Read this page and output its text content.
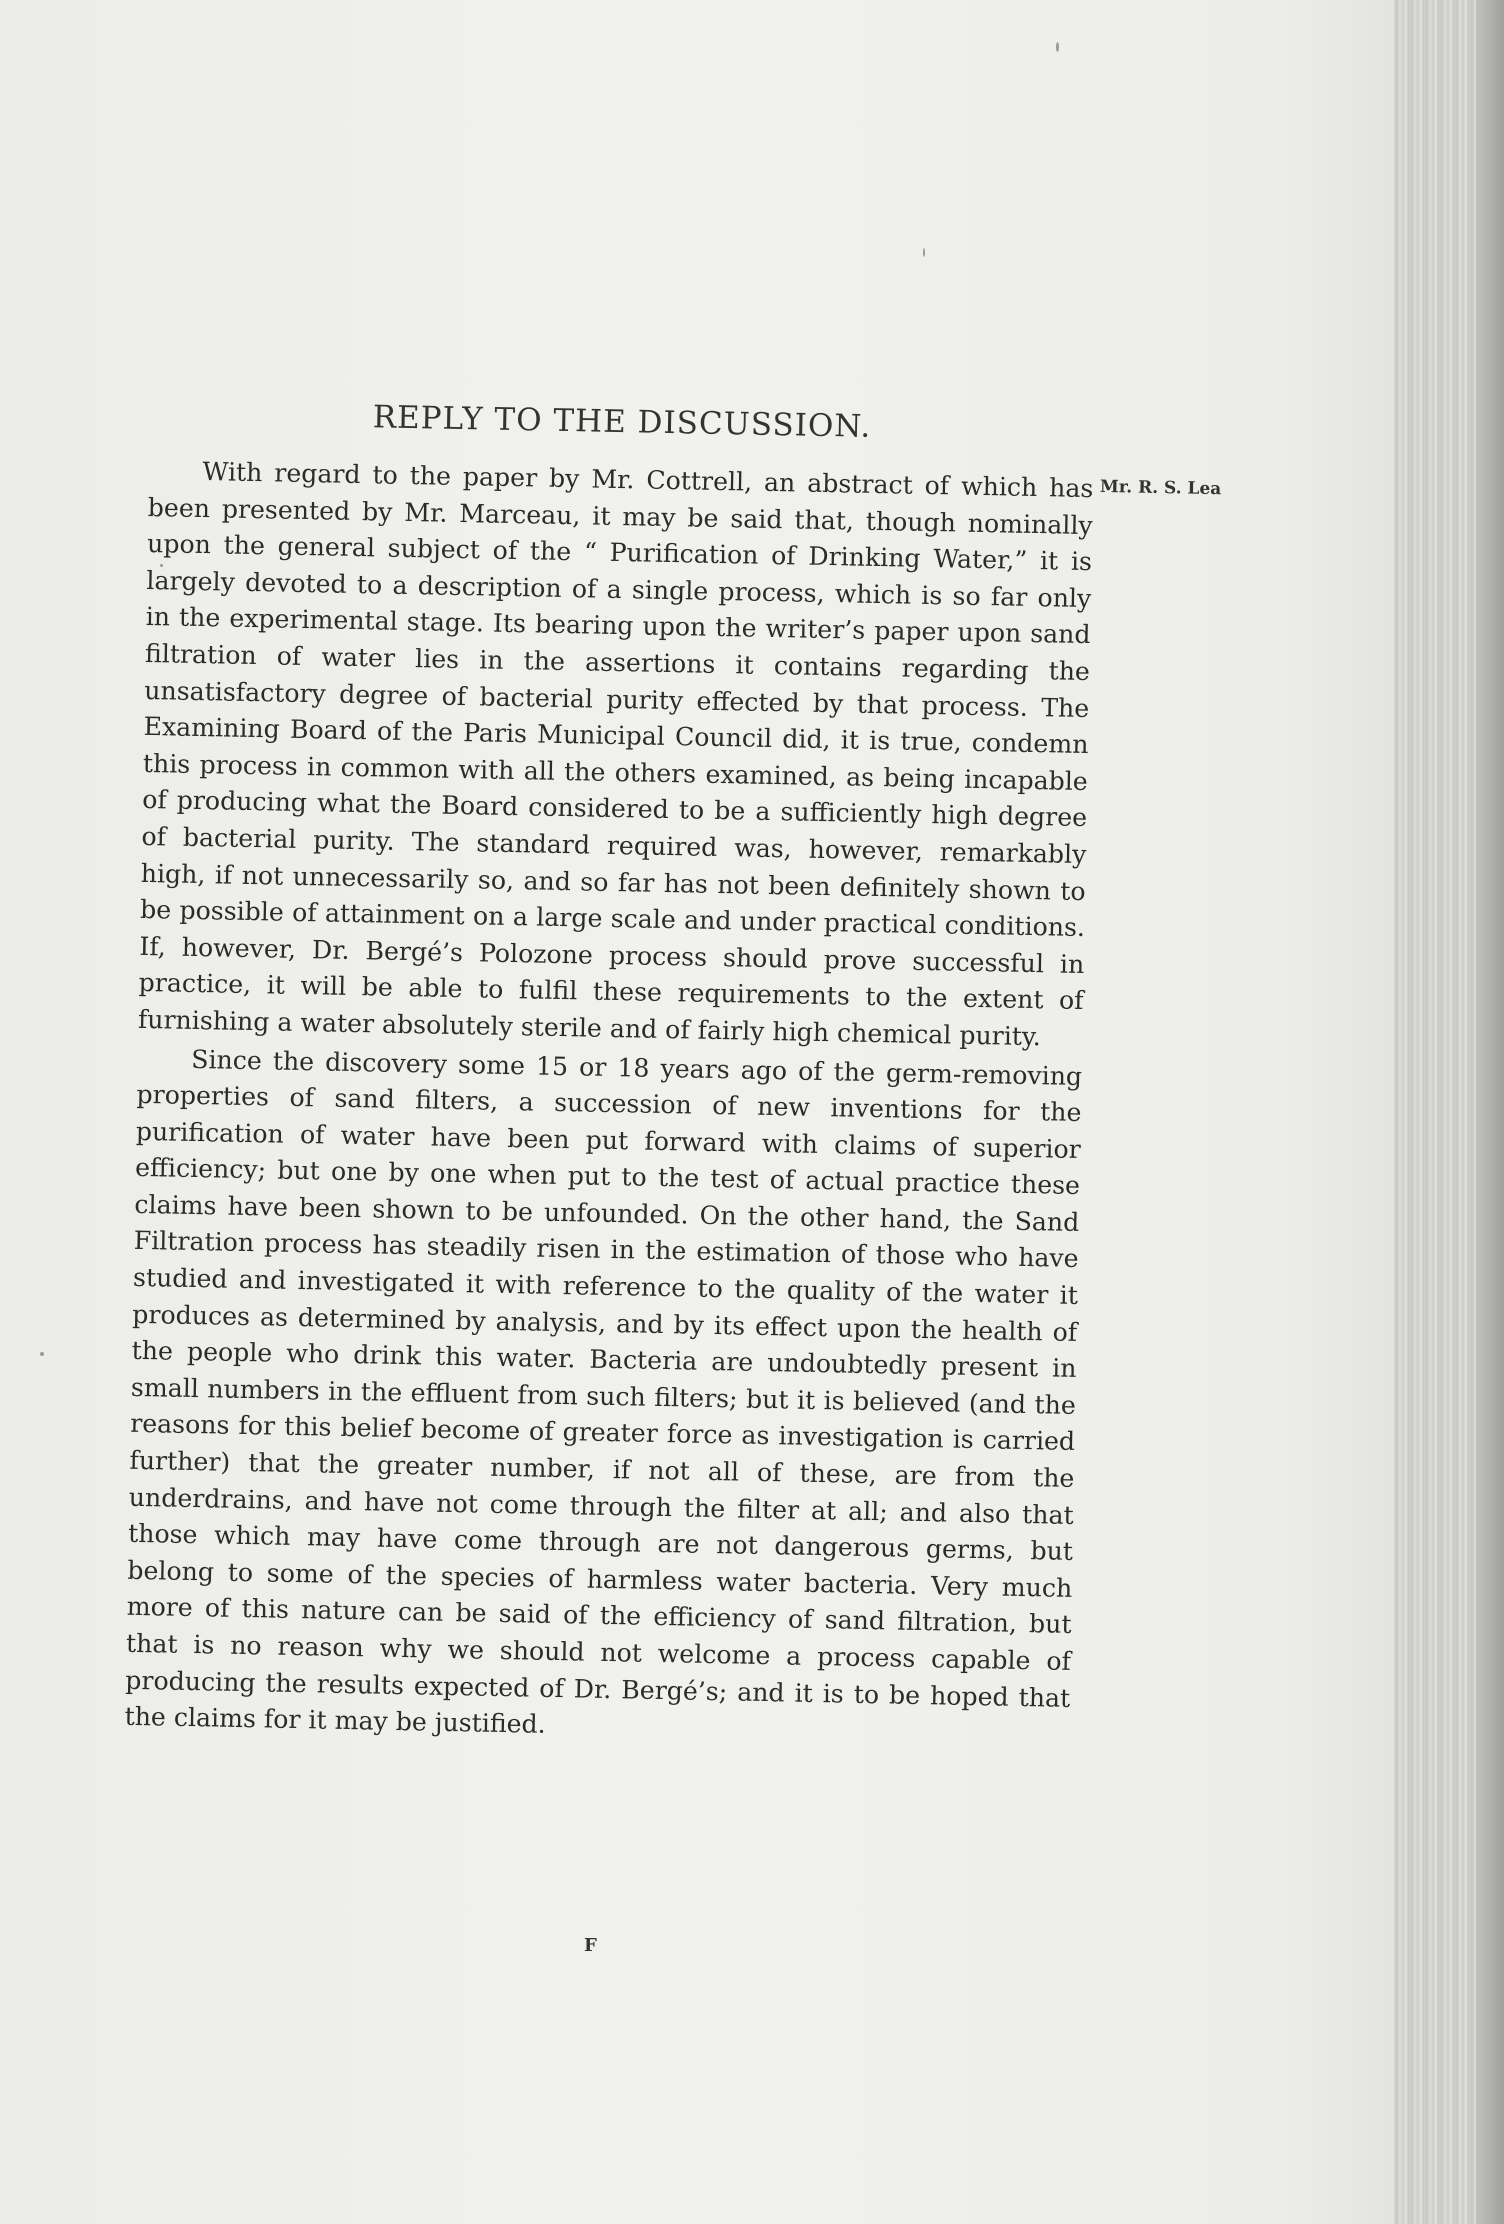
REPLY TO THE DISCUSSION.

With regard to the paper by Mr. Cottrell, an abstract of which has been presented by Mr. Marceau, it may be said that, though nominally upon the general subject of the “ Purification of Drinking Water,” it is largely devoted to a description of a single process, which is so far only in the experimental stage. Its bearing upon the writer’s paper upon sand filtration of water lies in the assertions it contains regarding the unsatisfactory degree of bacterial purity effected by that process. The Examining Board of the Paris Municipal Council did, it is true, condemn this process in common with all the others examined, as being incapable of producing what the Board considered to be a sufficiently high degree of bacterial purity. The standard required was, however, remarkably high, if not unnecessarily so, and so far has not been definitely shown to be possible of attainment on a large scale and under practical conditions. If, however, Dr. Bergé’s Polozone process should prove successful in practice, it will be able to fulfil these requirements to the extent of furnishing a water absolutely sterile and of fairly high chemical purity.

Since the discovery some 15 or 18 years ago of the germ-removing properties of sand filters, a succession of new inventions for the purification of water have been put forward with claims of superior efficiency; but one by one when put to the test of actual practice these claims have been shown to be unfounded. On the other hand, the Sand Filtration process has steadily risen in the estimation of those who have studied and investigated it with reference to the quality of the water it produces as determined by analysis, and by its effect upon the health of the people who drink this water. Bacteria are undoubtedly present in small numbers in the effluent from such filters; but it is believed (and the reasons for this belief become of greater force as investigation is carried further) that the greater number, if not all of these, are from the underdrains, and have not come through the filter at all; and also that those which may have come through are not dangerous germs, but belong to some of the species of harmless water bacteria. Very much more of this nature can be said of the efficiency of sand filtration, but that is no reason why we should not welcome a process capable of producing the results expected of Dr. Bergé’s; and it is to be hoped that the claims for it may be justified.

Mr. R. S. Lea
F
